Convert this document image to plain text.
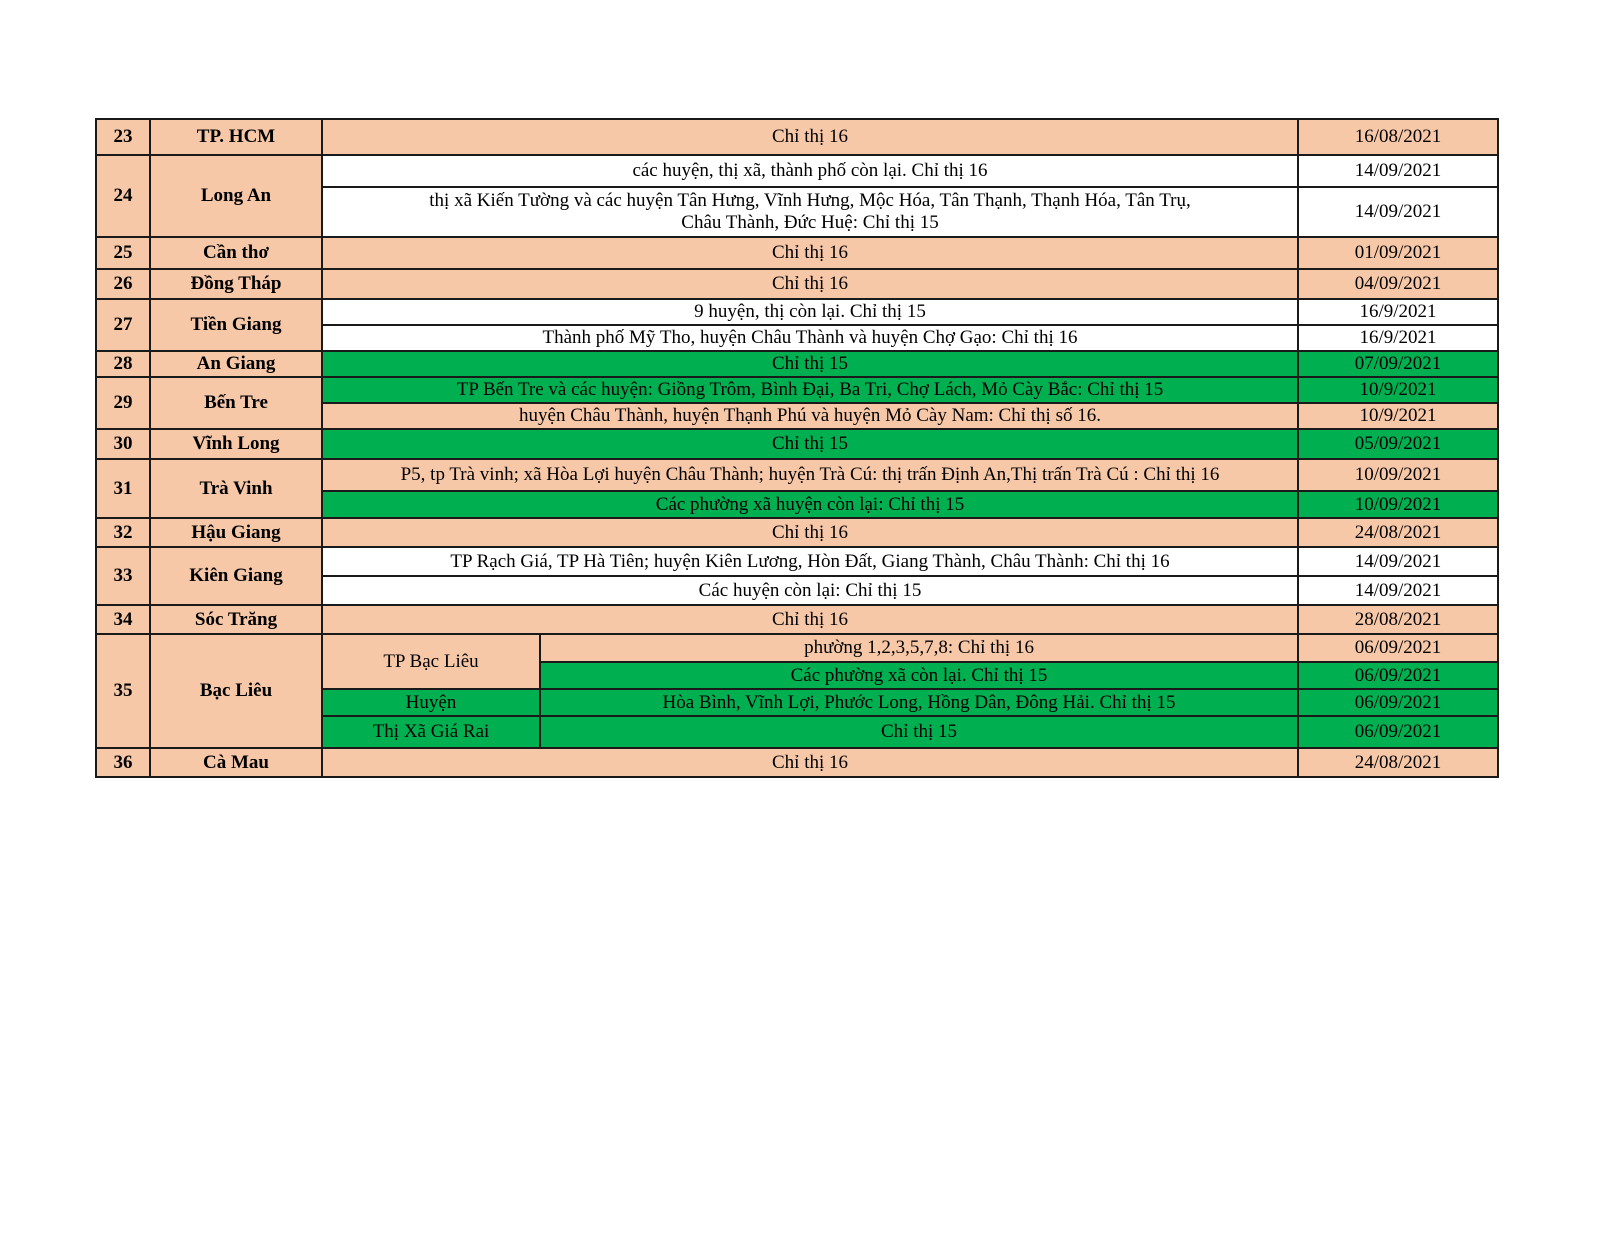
23	TP. HCM	Chỉ thị 16		16/08/2021
24	Long An	các huyện, thị xã, thành phố còn lại. Chỉ thị 16		14/09/2021
		thị xã Kiến Tường và các huyện Tân Hưng, Vĩnh Hưng, Mộc Hóa, Tân Thạnh, Thạnh Hóa, Tân Trụ,
Châu Thành, Đức Huệ: Chỉ thị 15		14/09/2021
25	Cần thơ	Chỉ thị 16		01/09/2021
26	Đồng Tháp	Chỉ thị 16		04/09/2021
27	Tiền Giang	9 huyện, thị còn lại. Chỉ thị 15		16/9/2021
		Thành phố Mỹ Tho, huyện Châu Thành và huyện Chợ Gạo: Chỉ thị 16		16/9/2021
28	An Giang	Chỉ thị 15		07/09/2021
29	Bến Tre	TP Bến Tre và các huyện: Giồng Trôm, Bình Đại, Ba Tri, Chợ Lách, Mỏ Cày Bắc: Chỉ thị 15		10/9/2021
		huyện Châu Thành, huyện Thạnh Phú và huyện Mỏ Cày Nam: Chỉ thị số 16.		10/9/2021
30	Vĩnh Long	Chỉ thị 15		05/09/2021
31	Trà Vinh	P5, tp Trà vinh; xã Hòa Lợi huyện Châu Thành; huyện Trà Cú: thị trấn Định An,Thị trấn Trà Cú : Chỉ thị 16		10/09/2021
		Các phường xã huyện còn lại: Chỉ thị 15		10/09/2021
32	Hậu Giang	Chỉ thị 16		24/08/2021
33	Kiên Giang	TP Rạch Giá, TP Hà Tiên; huyện Kiên Lương, Hòn Đất, Giang Thành, Châu Thành: Chỉ thị 16		14/09/2021
		Các huyện còn lại: Chỉ thị 15		14/09/2021
34	Sóc Trăng	Chỉ thị 16		28/08/2021
35	Bạc Liêu	TP Bạc Liêu	phường 1,2,3,5,7,8: Chỉ thị 16	06/09/2021
			Các phường xã còn lại. Chỉ thị 15	06/09/2021
		Huyện	Hòa Bình, Vĩnh Lợi, Phước Long, Hồng Dân, Đông Hải. Chỉ thị 15	06/09/2021
		Thị Xã Giá Rai	Chỉ thị 15	06/09/2021
36	Cà Mau	Chỉ thị 16		24/08/2021
